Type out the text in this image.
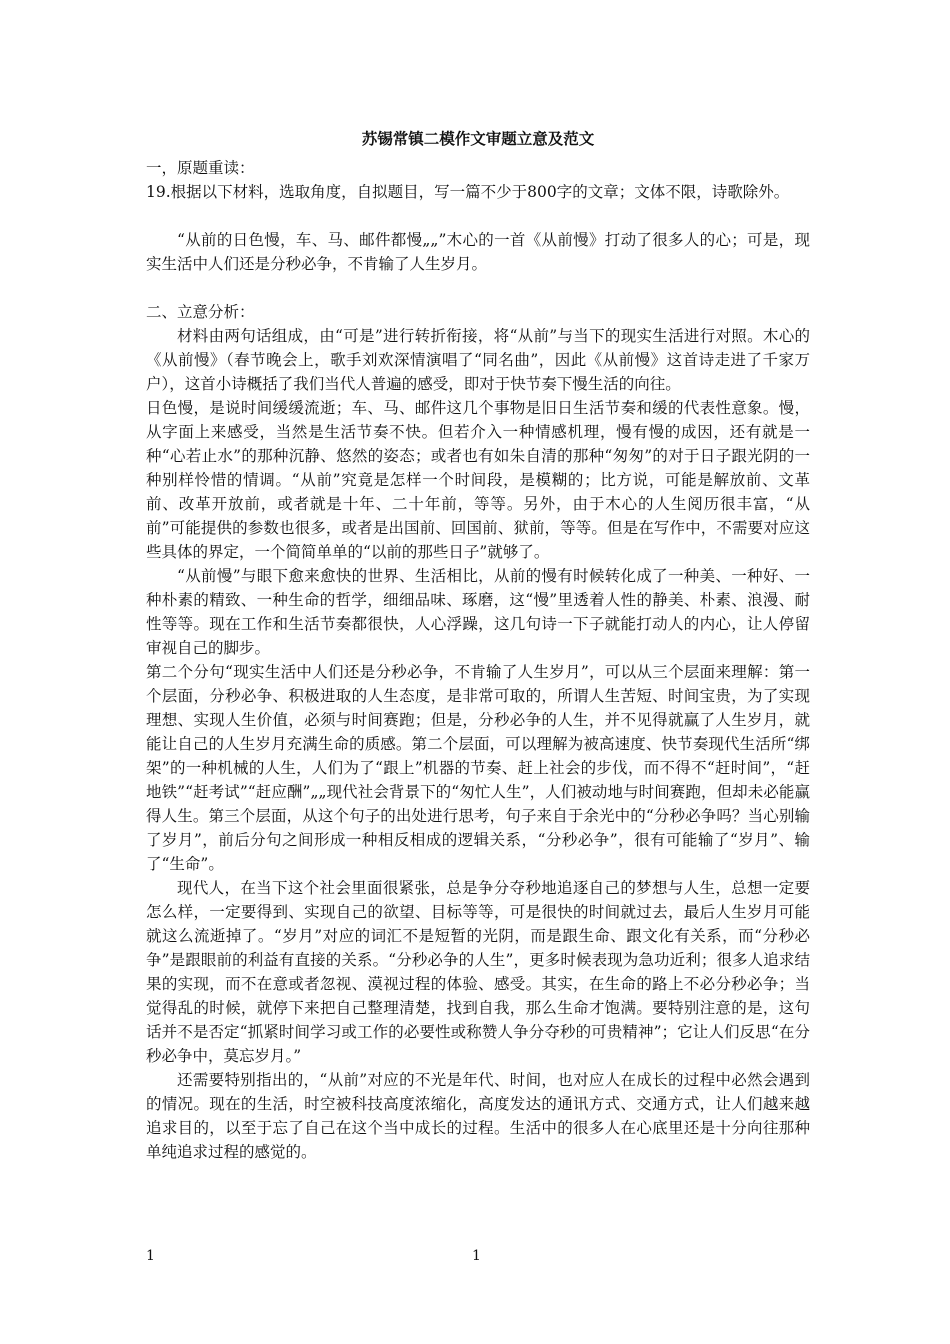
苏锡常镇二模作文审题立意及范文

一，原题重读：

19.根据以下材料，选取角度，自拟题目，写一篇不少于800字的文章；文体不限，诗歌除外。

“从前的日色慢，车、马、邮件都慢„„”木心的一首《从前慢》打动了很多人的心；可是，现实生活中人们还是分秒必争，不肯输了人生岁月。

二、立意分析：

材料由两句话组成，由“可是”进行转折衔接，将“从前”与当下的现实生活进行对照。木心的《从前慢》（春节晚会上，歌手刘欢深情演唱了“同名曲”，因此《从前慢》这首诗走进了千家万户），这首小诗概括了我们当代人普遍的感受，即对于快节奏下慢生活的向往。

日色慢，是说时间缓缓流逝；车、马、邮件这几个事物是旧日生活节奏和缓的代表性意象。慢，从字面上来感受，当然是生活节奏不快。但若介入一种情感机理，慢有慢的成因，还有就是一种“心若止水”的那种沉静、悠然的姿态；或者也有如朱自清的那种“匆匆”的对于日子跟光阴的一种别样怜惜的情调。“从前”究竟是怎样一个时间段，是模糊的；比方说，可能是解放前、文革前、改革开放前，或者就是十年、二十年前，等等。另外，由于木心的人生阅历很丰富，“从前”可能提供的参数也很多，或者是出国前、回国前、狱前，等等。但是在写作中，不需要对应这些具体的界定，一个简简单单的“以前的那些日子”就够了。

“从前慢”与眼下愈来愈快的世界、生活相比，从前的慢有时候转化成了一种美、一种好、一种朴素的精致、一种生命的哲学，细细品味、琢磨，这“慢”里透着人性的静美、朴素、浪漫、耐性等等。现在工作和生活节奏都很快，人心浮躁，这几句诗一下子就能打动人的内心，让人停留审视自己的脚步。

第二个分句“现实生活中人们还是分秒必争，不肯输了人生岁月”，可以从三个层面来理解：第一个层面，分秒必争、积极进取的人生态度，是非常可取的，所谓人生苦短、时间宝贵，为了实现理想、实现人生价值，必须与时间赛跑；但是，分秒必争的人生，并不见得就赢了人生岁月，就能让自己的人生岁月充满生命的质感。第二个层面，可以理解为被高速度、快节奏现代生活所“绑架”的一种机械的人生，人们为了“跟上”机器的节奏、赶上社会的步伐，而不得不“赶时间”，“赶地铁”“赶考试”“赶应酬”„„现代社会背景下的“匆忙人生”，人们被动地与时间赛跑，但却未必能赢得人生。第三个层面，从这个句子的出处进行思考，句子来自于余光中的“分秒必争吗？当心别输了岁月”，前后分句之间形成一种相反相成的逻辑关系，“分秒必争”，很有可能输了“岁月”、输了“生命”。

现代人，在当下这个社会里面很紧张，总是争分夺秒地追逐自己的梦想与人生，总想一定要怎么样，一定要得到、实现自己的欲望、目标等等，可是很快的时间就过去，最后人生岁月可能就这么流逝掉了。“岁月”对应的词汇不是短暂的光阴，而是跟生命、跟文化有关系，而“分秒必争”是跟眼前的利益有直接的关系。“分秒必争的人生”，更多时候表现为急功近利；很多人追求结果的实现，而不在意或者忽视、漠视过程的体验、感受。其实，在生命的路上不必分秒必争；当觉得乱的时候，就停下来把自己整理清楚，找到自我，那么生命才饱满。要特别注意的是，这句话并不是否定“抓紧时间学习或工作的必要性或称赞人争分夺秒的可贵精神”；它让人们反思“在分秒必争中，莫忘岁月。”

还需要特别指出的，“从前”对应的不光是年代、时间，也对应人在成长的过程中必然会遇到的情况。现在的生活，时空被科技高度浓缩化，高度发达的通讯方式、交通方式，让人们越来越追求目的，以至于忘了自己在这个当中成长的过程。生活中的很多人在心底里还是十分向往那种单纯追求过程的感觉的。

1	1
